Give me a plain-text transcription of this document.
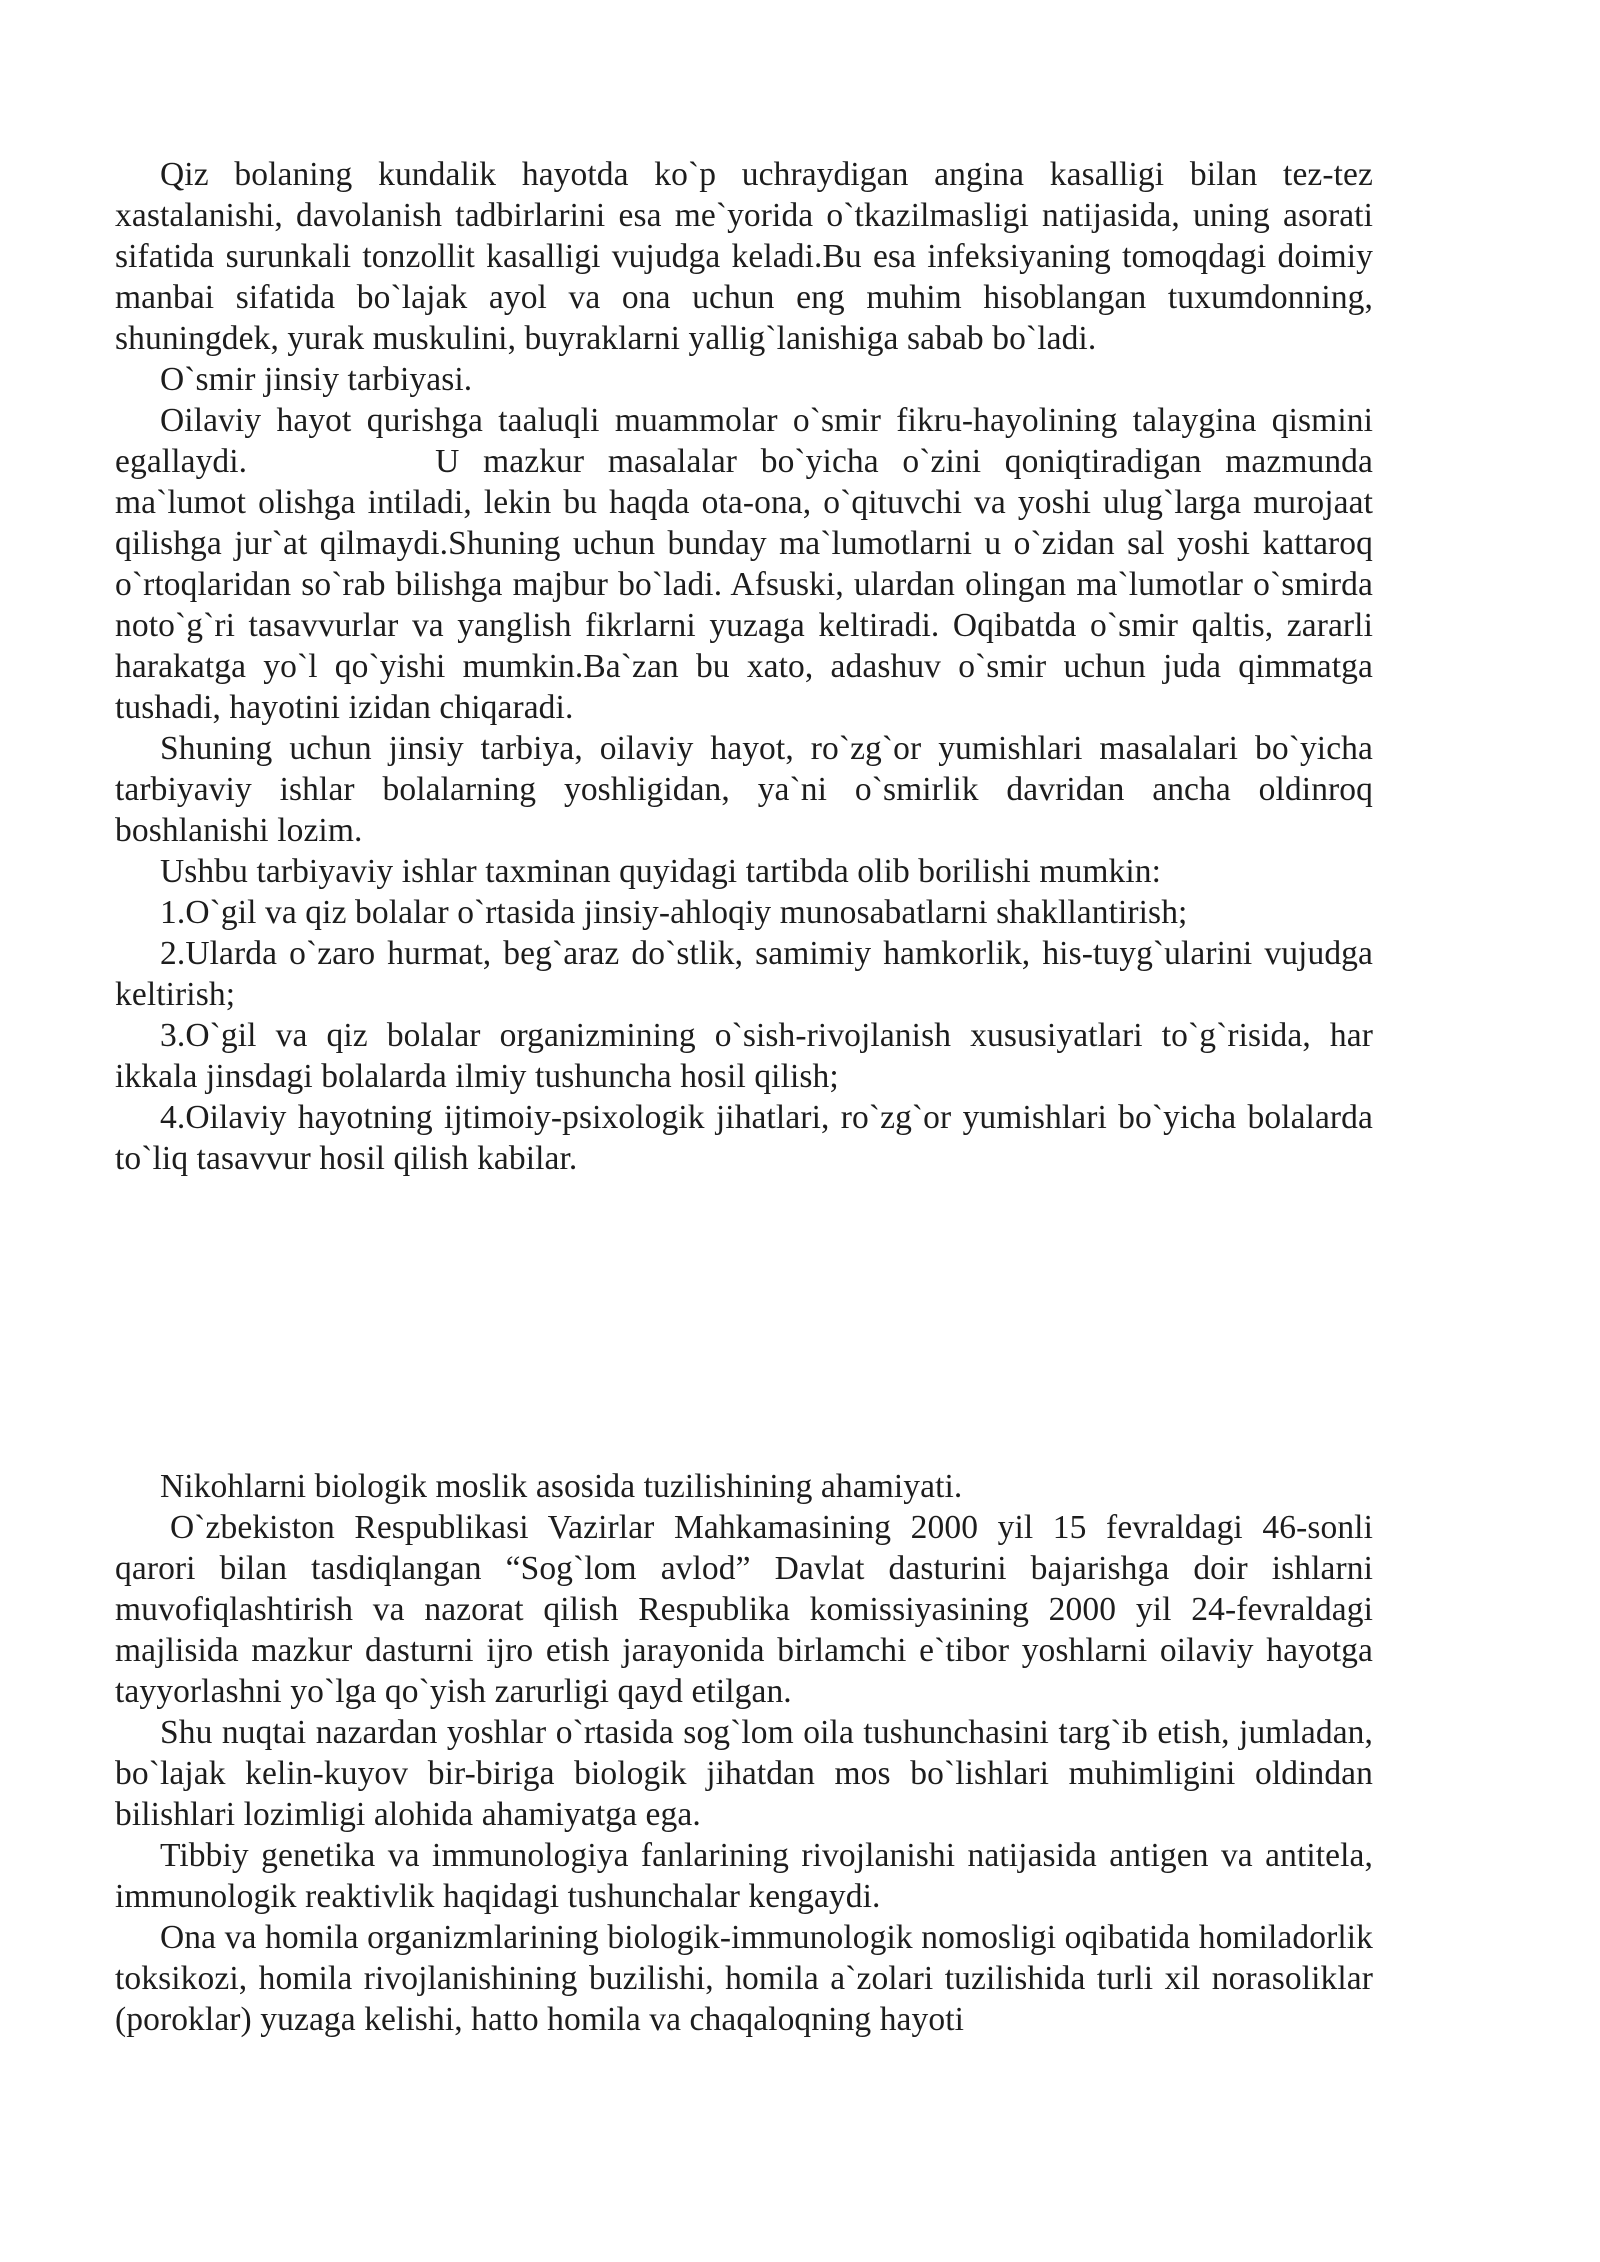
Qiz bolaning kundalik hayotda ko`p uchraydigan angina kasalligi bilan tez-tez xastalanishi, davolanish tadbirlarini esa me`yorida o`tkazilmasligi natijasida, uning asorati sifatida surunkali tonzollit kasalligi vujudga keladi.Bu esa infeksiyaning tomoqdagi doimiy manbai sifatida bo`lajak ayol va ona uchun eng muhim hisoblangan tuxumdonning, shuningdek, yurak muskulini, buyraklarni yallig`lanishiga sabab bo`ladi.

O`smir jinsiy tarbiyasi.

Oilaviy hayot qurishga taaluqli muammolar o`smir fikru-hayolining talaygina qismini egallaydi.	U mazkur masalalar bo`yicha o`zini qoniqtiradigan mazmunda ma`lumot olishga intiladi, lekin bu haqda ota-ona, o`qituvchi va yoshi ulug`larga murojaat qilishga jur`at qilmaydi.Shuning uchun bunday ma`lumotlarni u o`zidan sal yoshi kattaroq o`rtoqlaridan so`rab bilishga majbur bo`ladi. Afsuski, ulardan olingan ma`lumotlar o`smirda noto`g`ri tasavvurlar va yanglish fikrlarni yuzaga keltiradi. Oqibatda o`smir qaltis, zararli harakatga yo`l qo`yishi mumkin.Ba`zan bu xato, adashuv o`smir uchun juda qimmatga tushadi, hayotini izidan chiqaradi.

Shuning uchun jinsiy tarbiya, oilaviy hayot, ro`zg`or yumishlari masalalari bo`yicha tarbiyaviy ishlar bolalarning yoshligidan, ya`ni o`smirlik davridan ancha oldinroq boshlanishi lozim.

Ushbu tarbiyaviy ishlar taxminan quyidagi tartibda olib borilishi mumkin:

1.O`gil va qiz bolalar o`rtasida jinsiy-ahloqiy munosabatlarni shakllantirish;

2.Ularda o`zaro hurmat, beg`araz do`stlik, samimiy hamkorlik, his-tuyg`ularini vujudga keltirish;

3.O`gil va qiz bolalar organizmining o`sish-rivojlanish xususiyatlari to`g`risida, har ikkala jinsdagi bolalarda ilmiy tushuncha hosil qilish;

4.Oilaviy hayotning ijtimoiy-psixologik jihatlari, ro`zg`or yumishlari bo`yicha bolalarda to`liq tasavvur hosil qilish kabilar.

Nikohlarni biologik moslik asosida tuzilishining ahamiyati.

O`zbekiston Respublikasi Vazirlar Mahkamasining 2000 yil 15 fevraldagi 46-sonli qarori bilan tasdiqlangan “Sog`lom avlod” Davlat dasturini bajarishga doir ishlarni muvofiqlashtirish va nazorat qilish Respublika komissiyasining 2000 yil 24-fevraldagi majlisida mazkur dasturni ijro etish jarayonida birlamchi e`tibor yoshlarni oilaviy hayotga tayyorlashni yo`lga qo`yish zarurligi qayd etilgan.

Shu nuqtai nazardan yoshlar o`rtasida sog`lom oila tushunchasini targ`ib etish, jumladan, bo`lajak kelin-kuyov bir-biriga biologik jihatdan mos bo`lishlari muhimligini oldindan bilishlari lozimligi alohida ahamiyatga ega.

Tibbiy genetika va immunologiya fanlarining rivojlanishi natijasida antigen va antitela, immunologik reaktivlik haqidagi tushunchalar kengaydi.

Ona va homila organizmlarining biologik-immunologik nomosligi oqibatida homiladorlik toksikozi, homila rivojlanishining buzilishi, homila a`zolari tuzilishida turli xil norasoliklar (poroklar) yuzaga kelishi, hatto homila va chaqaloqning hayoti
